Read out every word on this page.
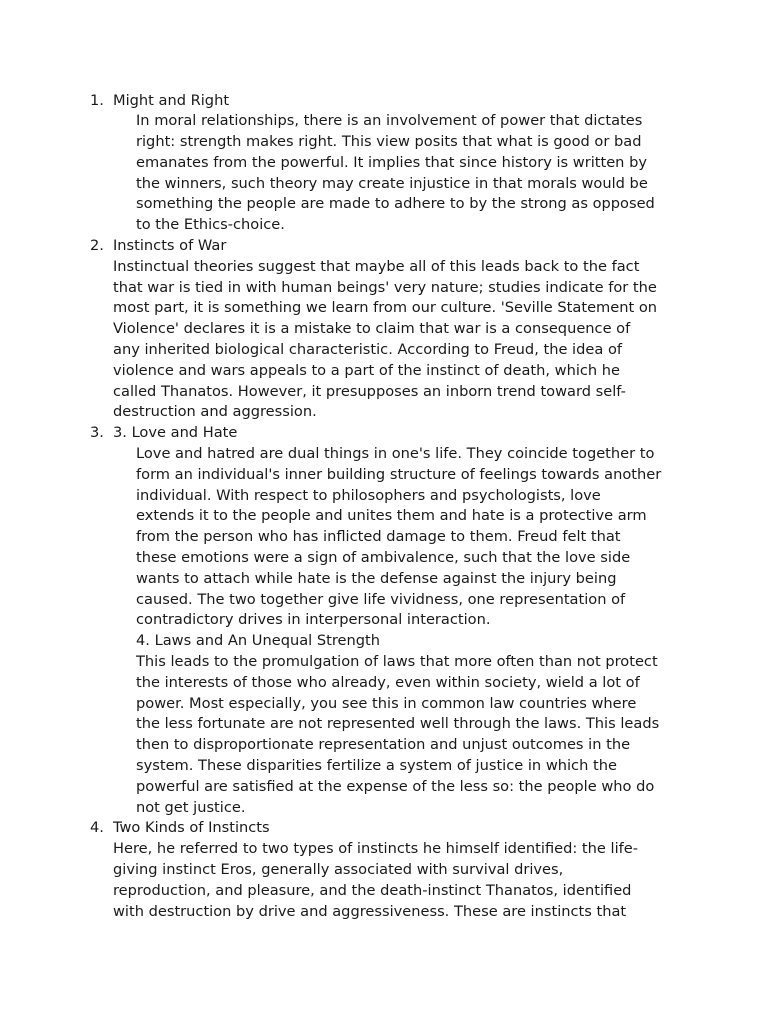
1. Might and Right

In moral relationships, there is an involvement of power that dictates
right: strength makes right. This view posits that what is good or bad
emanates from the powerful. It implies that since history is written by
the winners, such theory may create injustice in that morals would be
something the people are made to adhere to by the strong as opposed
to the Ethics-choice.

2. Instincts of War

Instinctual theories suggest that maybe all of this leads back to the fact
that war is tied in with human beings' very nature; studies indicate for the
most part, it is something we learn from our culture. 'Seville Statement on
Violence' declares it is a mistake to claim that war is a consequence of
any inherited biological characteristic. According to Freud, the idea of
violence and wars appeals to a part of the instinct of death, which he
called Thanatos. However, it presupposes an inborn trend toward self-
destruction and aggression.

3. 3. Love and Hate

Love and hatred are dual things in one's life. They coincide together to
form an individual's inner building structure of feelings towards another
individual. With respect to philosophers and psychologists, love
extends it to the people and unites them and hate is a protective arm
from the person who has inflicted damage to them. Freud felt that
these emotions were a sign of ambivalence, such that the love side
wants to attach while hate is the defense against the injury being
caused. The two together give life vividness, one representation of
contradictory drives in interpersonal interaction.

4. Laws and An Unequal Strength

This leads to the promulgation of laws that more often than not protect
the interests of those who already, even within society, wield a lot of
power. Most especially, you see this in common law countries where
the less fortunate are not represented well through the laws. This leads
then to disproportionate representation and unjust outcomes in the
system. These disparities fertilize a system of justice in which the
powerful are satisfied at the expense of the less so: the people who do
not get justice.

4. Two Kinds of Instincts

Here, he referred to two types of instincts he himself identified: the life-
giving instinct Eros, generally associated with survival drives,
reproduction, and pleasure, and the death-instinct Thanatos, identified
with destruction by drive and aggressiveness. These are instincts that
